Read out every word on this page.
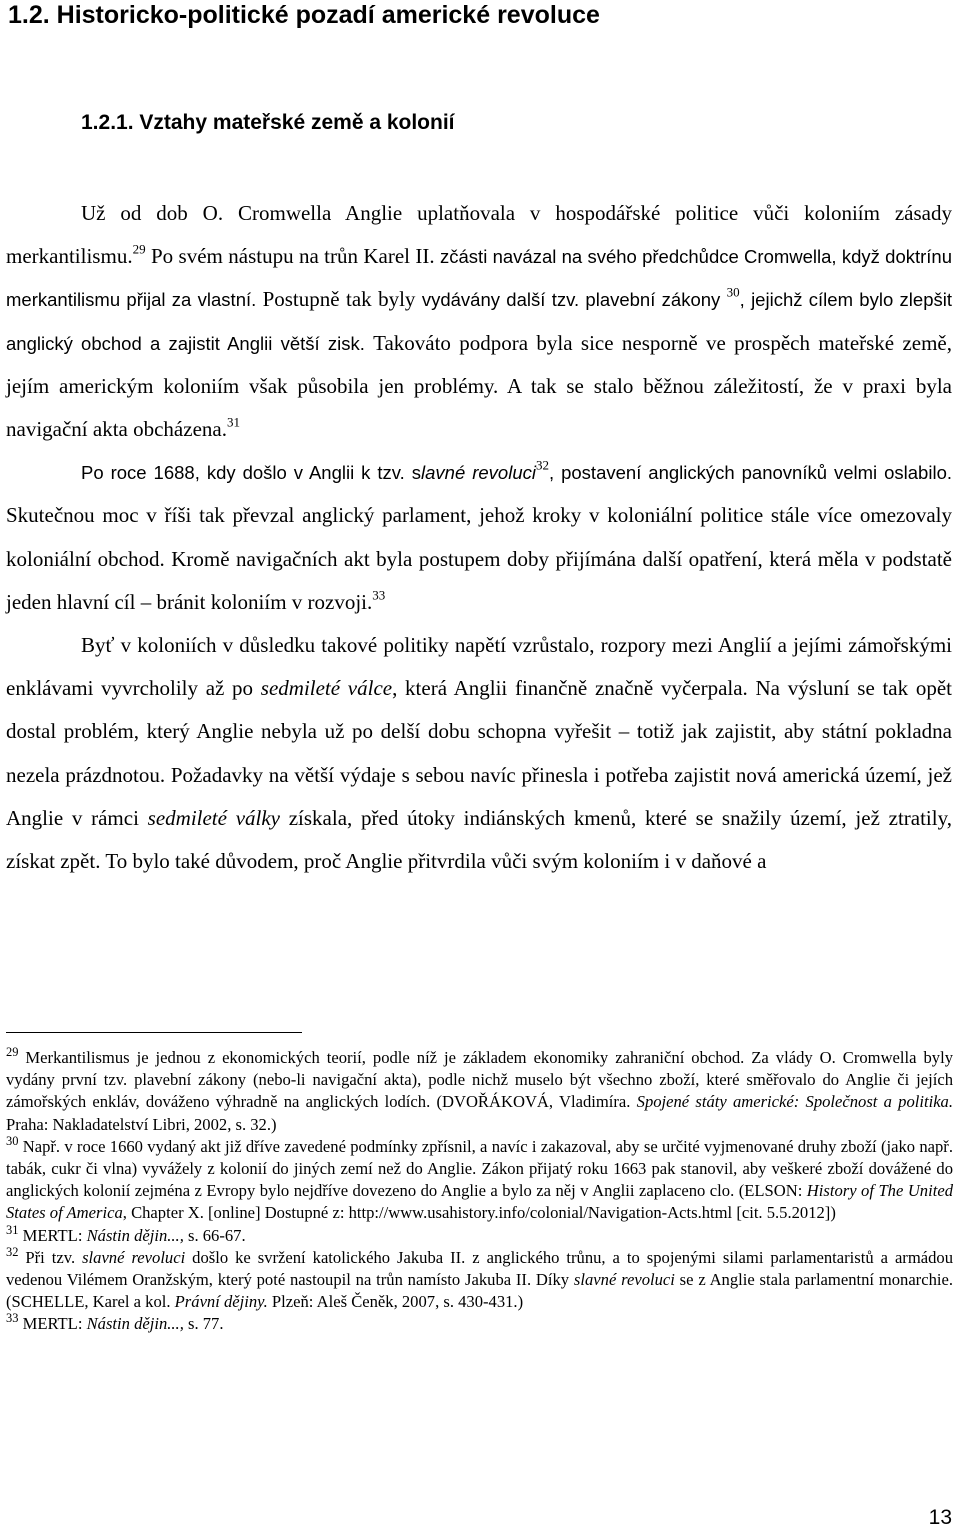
1.2. Historicko-politické pozadí americké revoluce
1.2.1. Vztahy mateřské země a kolonií

Už od dob O. Cromwella Anglie uplatňovala v hospodářské politice vůči koloniím zásady merkantilismu.$^{29}$ Po svém nástupu na trůn Karel II. zčásti navázal na svého předchůdce Cromwella, když doktrínu merkantilismu přijal za vlastní. Postupně tak byly vydávány další tzv. plavební zákony $^{30}$, jejichž cílem bylo zlepšit anglický obchod a zajistit Anglii větší zisk. Takováto podpora byla sice nesporně ve prospěch mateřské země, jejím americkým koloniím však působila jen problémy. A tak se stalo běžnou záležitostí, že v praxi byla navigační akta obcházena.$^{31}$

Po roce 1688, kdy došlo v Anglii k tzv. slavné revoluci$^{32}$, postavení anglických panovníků velmi oslabilo. Skutečnou moc v říši tak převzal anglický parlament, jehož kroky v koloniální politice stále více omezovaly koloniální obchod. Kromě navigačních akt byla postupem doby přijímána další opatření, která měla v podstatě jeden hlavní cíl – bránit koloniím v rozvoji.$^{33}$

Byť v koloniích v důsledku takové politiky napětí vzrůstalo, rozpory mezi Anglií a jejími zámořskými enklávami vyvrcholily až po sedmileté válce, která Anglii finančně značně vyčerpala. Na výsluní se tak opět dostal problém, který Anglie nebyla už po delší dobu schopna vyřešit – totiž jak zajistit, aby státní pokladna nezela prázdnotou. Požadavky na větší výdaje s sebou navíc přinesla i potřeba zajistit nová americká území, jež Anglie v rámci sedmileté války získala, před útoky indiánských kmenů, které se snažily území, jež ztratily, získat zpět. To bylo také důvodem, proč Anglie přitvrdila vůči svým koloniím i v daňové a

$^{29}$ Merkantilismus je jednou z ekonomických teorií, podle níž je základem ekonomiky zahraniční obchod. Za vlády O. Cromwella byly vydány první tzv. plavební zákony (nebo-li navigační akta), podle nichž muselo být všechno zboží, které směřovalo do Anglie či jejích zámořských enkláv, dováženo výhradně na anglických lodích. (DVOŘÁKOVÁ, Vladimíra. Spojené státy americké: Společnost a politika. Praha: Nakladatelství Libri, 2002, s. 32.)

$^{30}$ Např. v roce 1660 vydaný akt již dříve zavedené podmínky zpřísnil, a navíc i zakazoval, aby se určité vyjmenované druhy zboží (jako např. tabák, cukr či vlna) vyvážely z kolonií do jiných zemí než do Anglie. Zákon přijatý roku 1663 pak stanovil, aby veškeré zboží dovážené do anglických kolonií zejména z Evropy bylo nejdříve dovezeno do Anglie a bylo za něj v Anglii zaplaceno clo. (ELSON: History of The United States of America, Chapter X. [online] Dostupné z: http://www.usahistory.info/colonial/Navigation-Acts.html [cit. 5.5.2012])

$^{31}$ MERTL: Nástin dějin..., s. 66-67.

$^{32}$ Při tzv. slavné revoluci došlo ke svržení katolického Jakuba II. z anglického trůnu, a to spojenými silami parlamentaristů a armádou vedenou Vilémem Oranžským, který poté nastoupil na trůn namísto Jakuba II. Díky slavné revoluci se z Anglie stala parlamentní monarchie. (SCHELLE, Karel a kol. Právní dějiny. Plzeň: Aleš Čeněk, 2007, s. 430-431.)

$^{33}$ MERTL: Nástin dějin..., s. 77.

13
